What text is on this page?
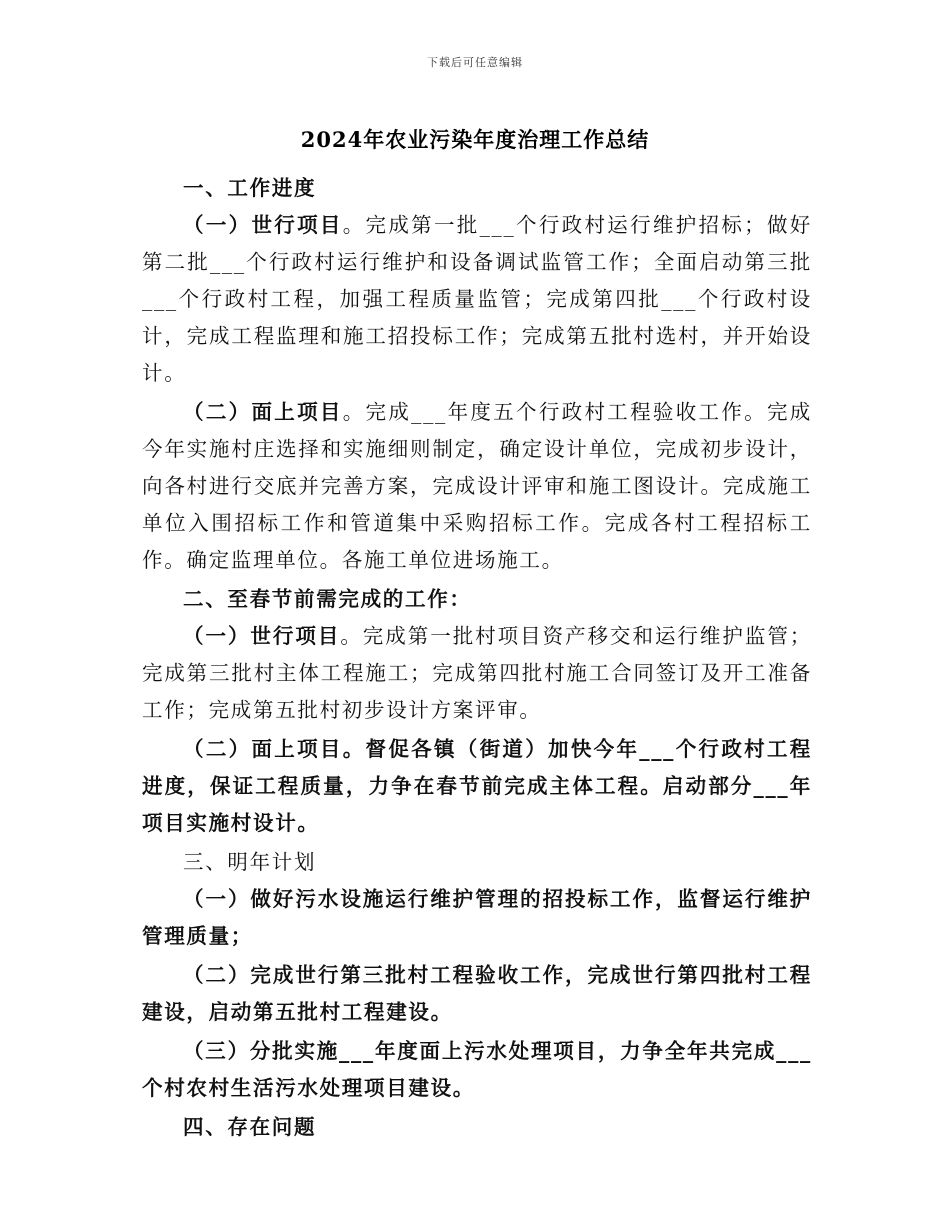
下载后可任意编辑
2024年农业污染年度治理工作总结

一、工作进度

（一）世行项目。完成第一批___个行政村运行维护招标；做好第二批___个行政村运行维护和设备调试监管工作；全面启动第三批___个行政村工程，加强工程质量监管；完成第四批___个行政村设计，完成工程监理和施工招投标工作；完成第五批村选村，并开始设计。

（二）面上项目。完成___年度五个行政村工程验收工作。完成今年实施村庄选择和实施细则制定，确定设计单位，完成初步设计，向各村进行交底并完善方案，完成设计评审和施工图设计。完成施工单位入围招标工作和管道集中采购招标工作。完成各村工程招标工作。确定监理单位。各施工单位进场施工。

二、至春节前需完成的工作：

（一）世行项目。完成第一批村项目资产移交和运行维护监管；完成第三批村主体工程施工；完成第四批村施工合同签订及开工准备工作；完成第五批村初步设计方案评审。

（二）面上项目。督促各镇（街道）加快今年___个行政村工程进度，保证工程质量，力争在春节前完成主体工程。启动部分___年项目实施村设计。

三、明年计划

（一）做好污水设施运行维护管理的招投标工作，监督运行维护管理质量；

（二）完成世行第三批村工程验收工作，完成世行第四批村工程建设，启动第五批村工程建设。

（三）分批实施___年度面上污水处理项目，力争全年共完成___个村农村生活污水处理项目建设。

四、存在问题
